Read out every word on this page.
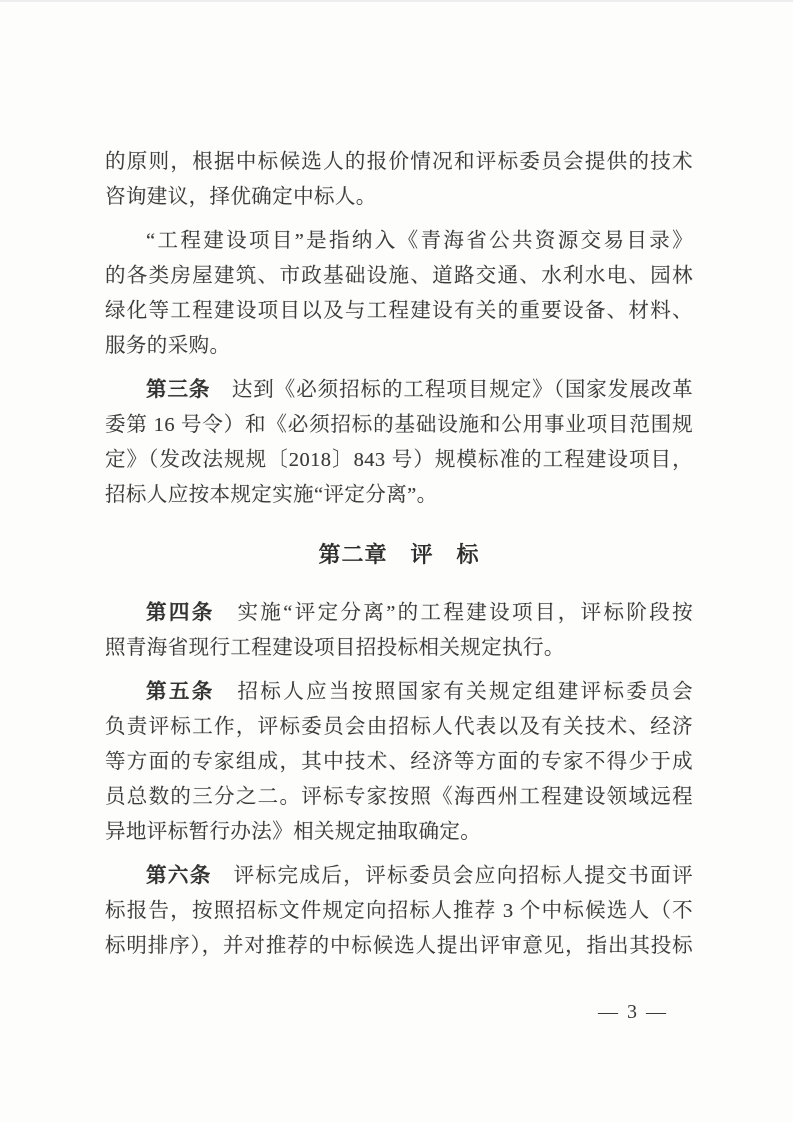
的原则，根据中标候选人的报价情况和评标委员会提供的技术
咨询建议，择优确定中标人。
“工程建设项目”是指纳入《青海省公共资源交易目录》
的各类房屋建筑、市政基础设施、道路交通、水利水电、园林
绿化等工程建设项目以及与工程建设有关的重要设备、材料、
服务的采购。
第三条　达到《必须招标的工程项目规定》（国家发展改革
委第 16 号令）和《必须招标的基础设施和公用事业项目范围规
定》（发改法规规〔2018〕843 号）规模标准的工程建设项目，
招标人应按本规定实施“评定分离”。
第二章　评　标
第四条　实施“评定分离”的工程建设项目，评标阶段按
照青海省现行工程建设项目招投标相关规定执行。
第五条　招标人应当按照国家有关规定组建评标委员会
负责评标工作，评标委员会由招标人代表以及有关技术、经济
等方面的专家组成，其中技术、经济等方面的专家不得少于成
员总数的三分之二。评标专家按照《海西州工程建设领域远程
异地评标暂行办法》相关规定抽取确定。
第六条　评标完成后，评标委员会应向招标人提交书面评
标报告，按照招标文件规定向招标人推荐 3 个中标候选人（不
标明排序），并对推荐的中标候选人提出评审意见，指出其投标
— 3 —
